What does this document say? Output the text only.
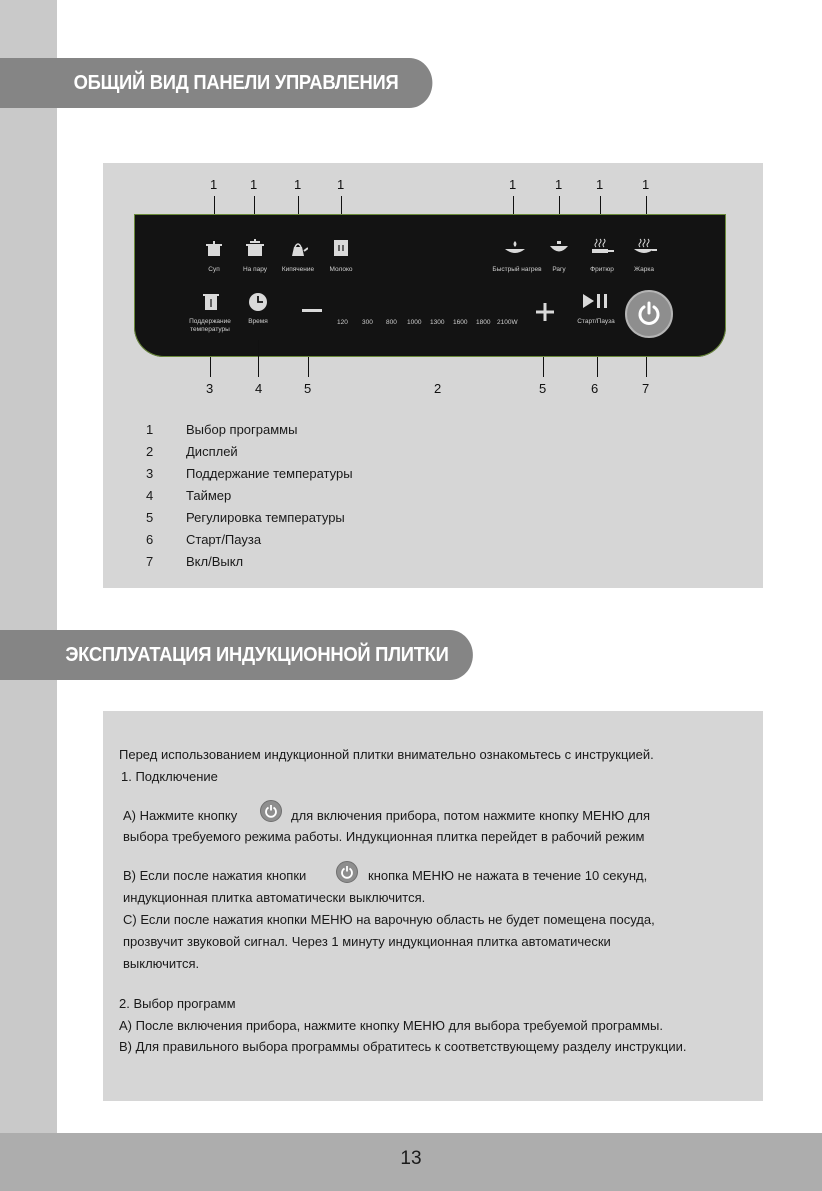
ОБЩИЙ ВИД ПАНЕЛИ УПРАВЛЕНИЯ
1	1	1	1	1	1	1	1
Суп	На пару	Кипячение	Молоко	Быстрый нагрев	Рагу	Фритюр	Жарка
Поддержание
температуры
Время	120 300 800 1000 1300 1600 1800 2100W	Старт/Пауза
3	4	5	2	5	6	7
1	Выбор программы
2	Дисплей
3	Поддержание температуры
4	Таймер
5	Регулировка температуры
6	Старт/Пауза
7	Вкл/Выкл
ЭКСПЛУАТАЦИЯ ИНДУКЦИОННОЙ ПЛИТКИ
Перед использованием индукционной плитки внимательно ознакомьтесь с инструкцией.
1. Подключение
А) Нажмите кнопку	для включения прибора, потом нажмите кнопку МЕНЮ для
выбора требуемого режима работы. Индукционная плитка перейдет в рабочий режим
В) Если после нажатия кнопки	кнопка МЕНЮ не нажата в течение 10 секунд,
индукционная плитка автоматически выключится.
С) Если после нажатия кнопки МЕНЮ на варочную область не будет помещена посуда,
прозвучит звуковой сигнал. Через 1 минуту индукционная плитка автоматически
выключится.
2. Выбор программ
А) После включения прибора, нажмите кнопку МЕНЮ для выбора требуемой программы.
В) Для правильного выбора программы обратитесь к соответствующему разделу инструкции.
13
